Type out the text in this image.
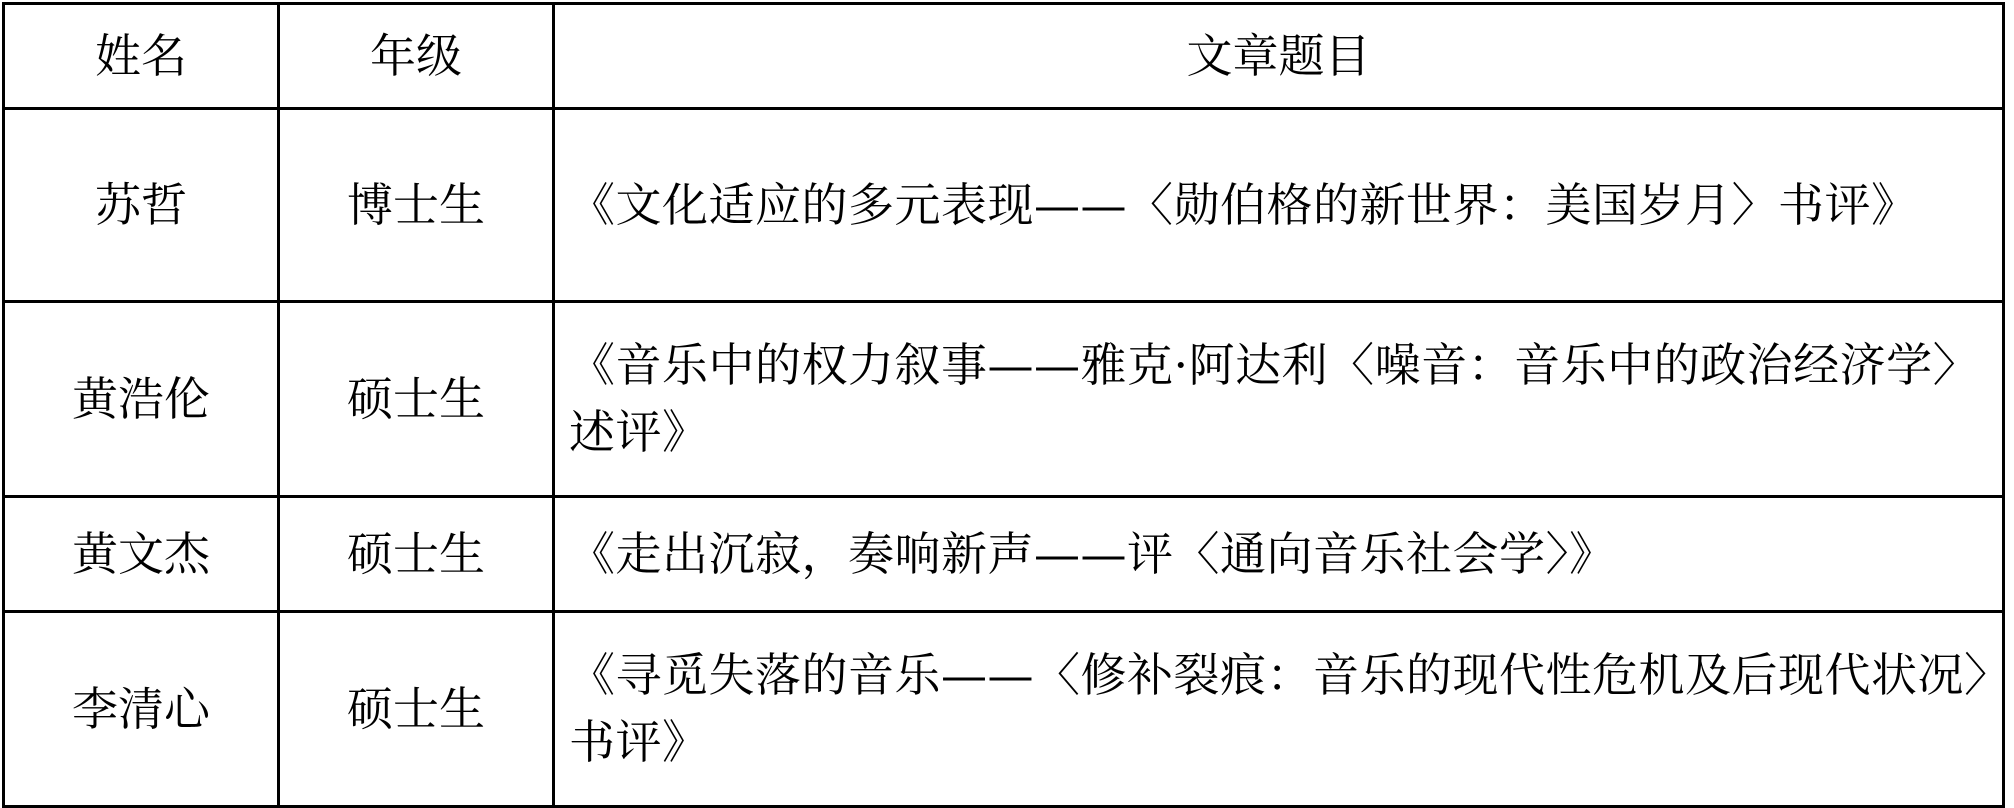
姓名	年级	文章题目
苏哲	博士生	《文化适应的多元表现——〈勋伯格的新世界：美国岁月〉书评》
黄浩伦	硕士生	《音乐中的权力叙事——雅克·阿达利〈噪音：音乐中的政治经济学〉述评》
黄文杰	硕士生	《走出沉寂，奏响新声——评〈通向音乐社会学〉》
李清心	硕士生	《寻觅失落的音乐——〈修补裂痕：音乐的现代性危机及后现代状况〉书评》
